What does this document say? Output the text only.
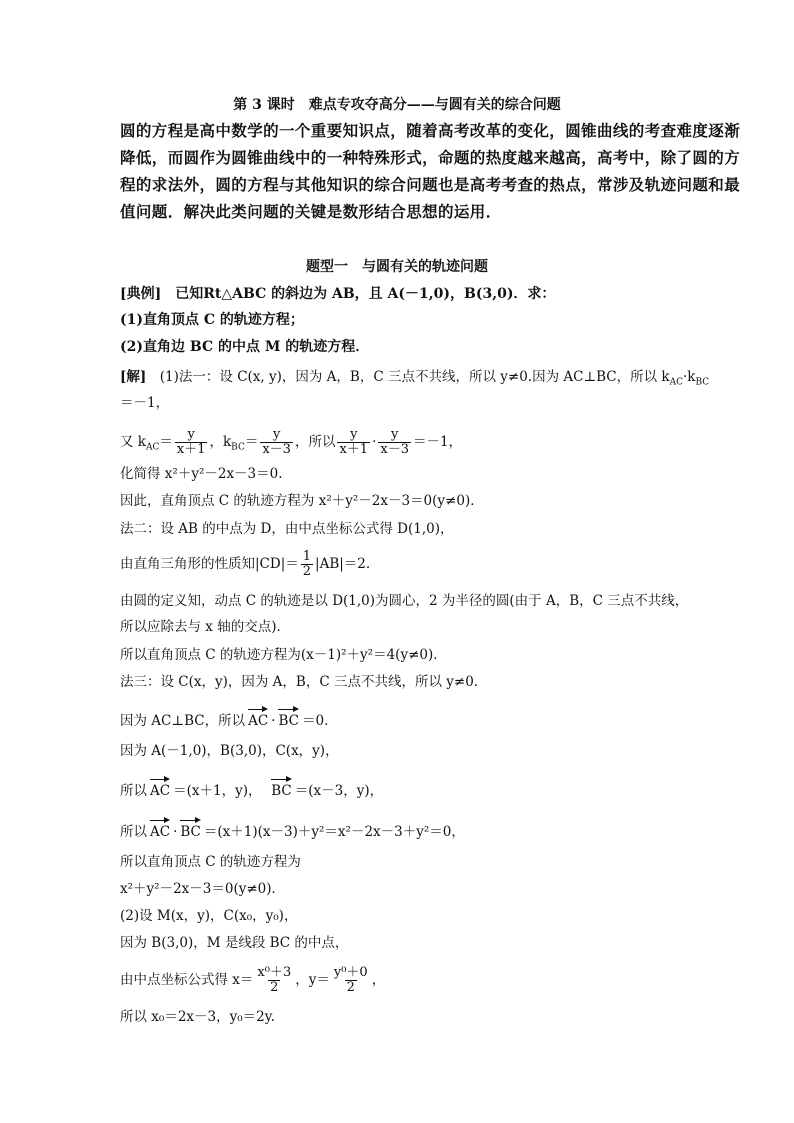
第 3 课时　难点专攻夺高分——与圆有关的综合问题
圆的方程是高中数学的一个重要知识点，随着高考改革的变化，圆锥曲线的考查难度逐渐
降低，而圆作为圆锥曲线中的一种特殊形式，命题的热度越来越高，高考中，除了圆的方
程的求法外，圆的方程与其他知识的综合问题也是高考考查的热点，常涉及轨迹问题和最
值问题．解决此类问题的关键是数形结合思想的运用．
题型一　与圆有关的轨迹问题
[典例]　已知Rt△ABC 的斜边为 AB，且 A(－1,0)，B(3,0)．求：
(1)直角顶点 C 的轨迹方程；
(2)直角边 BC 的中点 M 的轨迹方程．
[解]　(1)法一：设 C(x, y)，因为 A，B，C 三点不共线，所以 y≠0.因为 AC⊥BC，所以 $k_{AC}\cdot k_{BC}$
＝－1，
又 $k_{AC}= \frac{y}{x+1}$ ，$k_{BC}= \frac{y}{x-3}$ ，所以 $\frac{y}{x+1} \cdot \frac{y}{x-3} =-1$，
化简得 x²＋y²－2x－3＝0.
因此，直角顶点 C 的轨迹方程为 x²＋y²－2x－3＝0(y≠0)．
法二：设 AB 的中点为 D，由中点坐标公式得 D(1,0)，
由直角三角形的性质知$|CD|= \frac{1}{2} |AB|=2$.
由圆的定义知，动点 C 的轨迹是以 D(1,0)为圆心，2 为半径的圆(由于 A，B，C 三点不共线，
所以应除去与 x 轴的交点)．
所以直角顶点 C 的轨迹方程为(x－1)²＋y²＝4(y≠0)．
法三：设 C(x，y)，因为 A，B，C 三点不共线，所以 y≠0.
因为 AC⊥BC，所以 AC · BC ＝0.
因为 A(－1,0)，B(3,0)，C(x，y)，
所以 AC ＝(x＋1，y)，　 BC ＝(x－3，y)，
所以 AC · BC ＝(x＋1)(x－3)＋y²＝x²－2x－3＋y²＝0，
所以直角顶点 C 的轨迹方程为
x²＋y²－2x－3＝0(y≠0)．
(2)设 M(x，y)，C(x₀，y₀)，
因为 B(3,0)，M 是线段 BC 的中点，
由中点坐标公式得 $x= \frac{\text{x⁰＋3}}{2}$ ，$y= \frac{\text{y⁰＋0}}{2}$ ，
所以 x₀＝2x－3，y₀＝2y.
